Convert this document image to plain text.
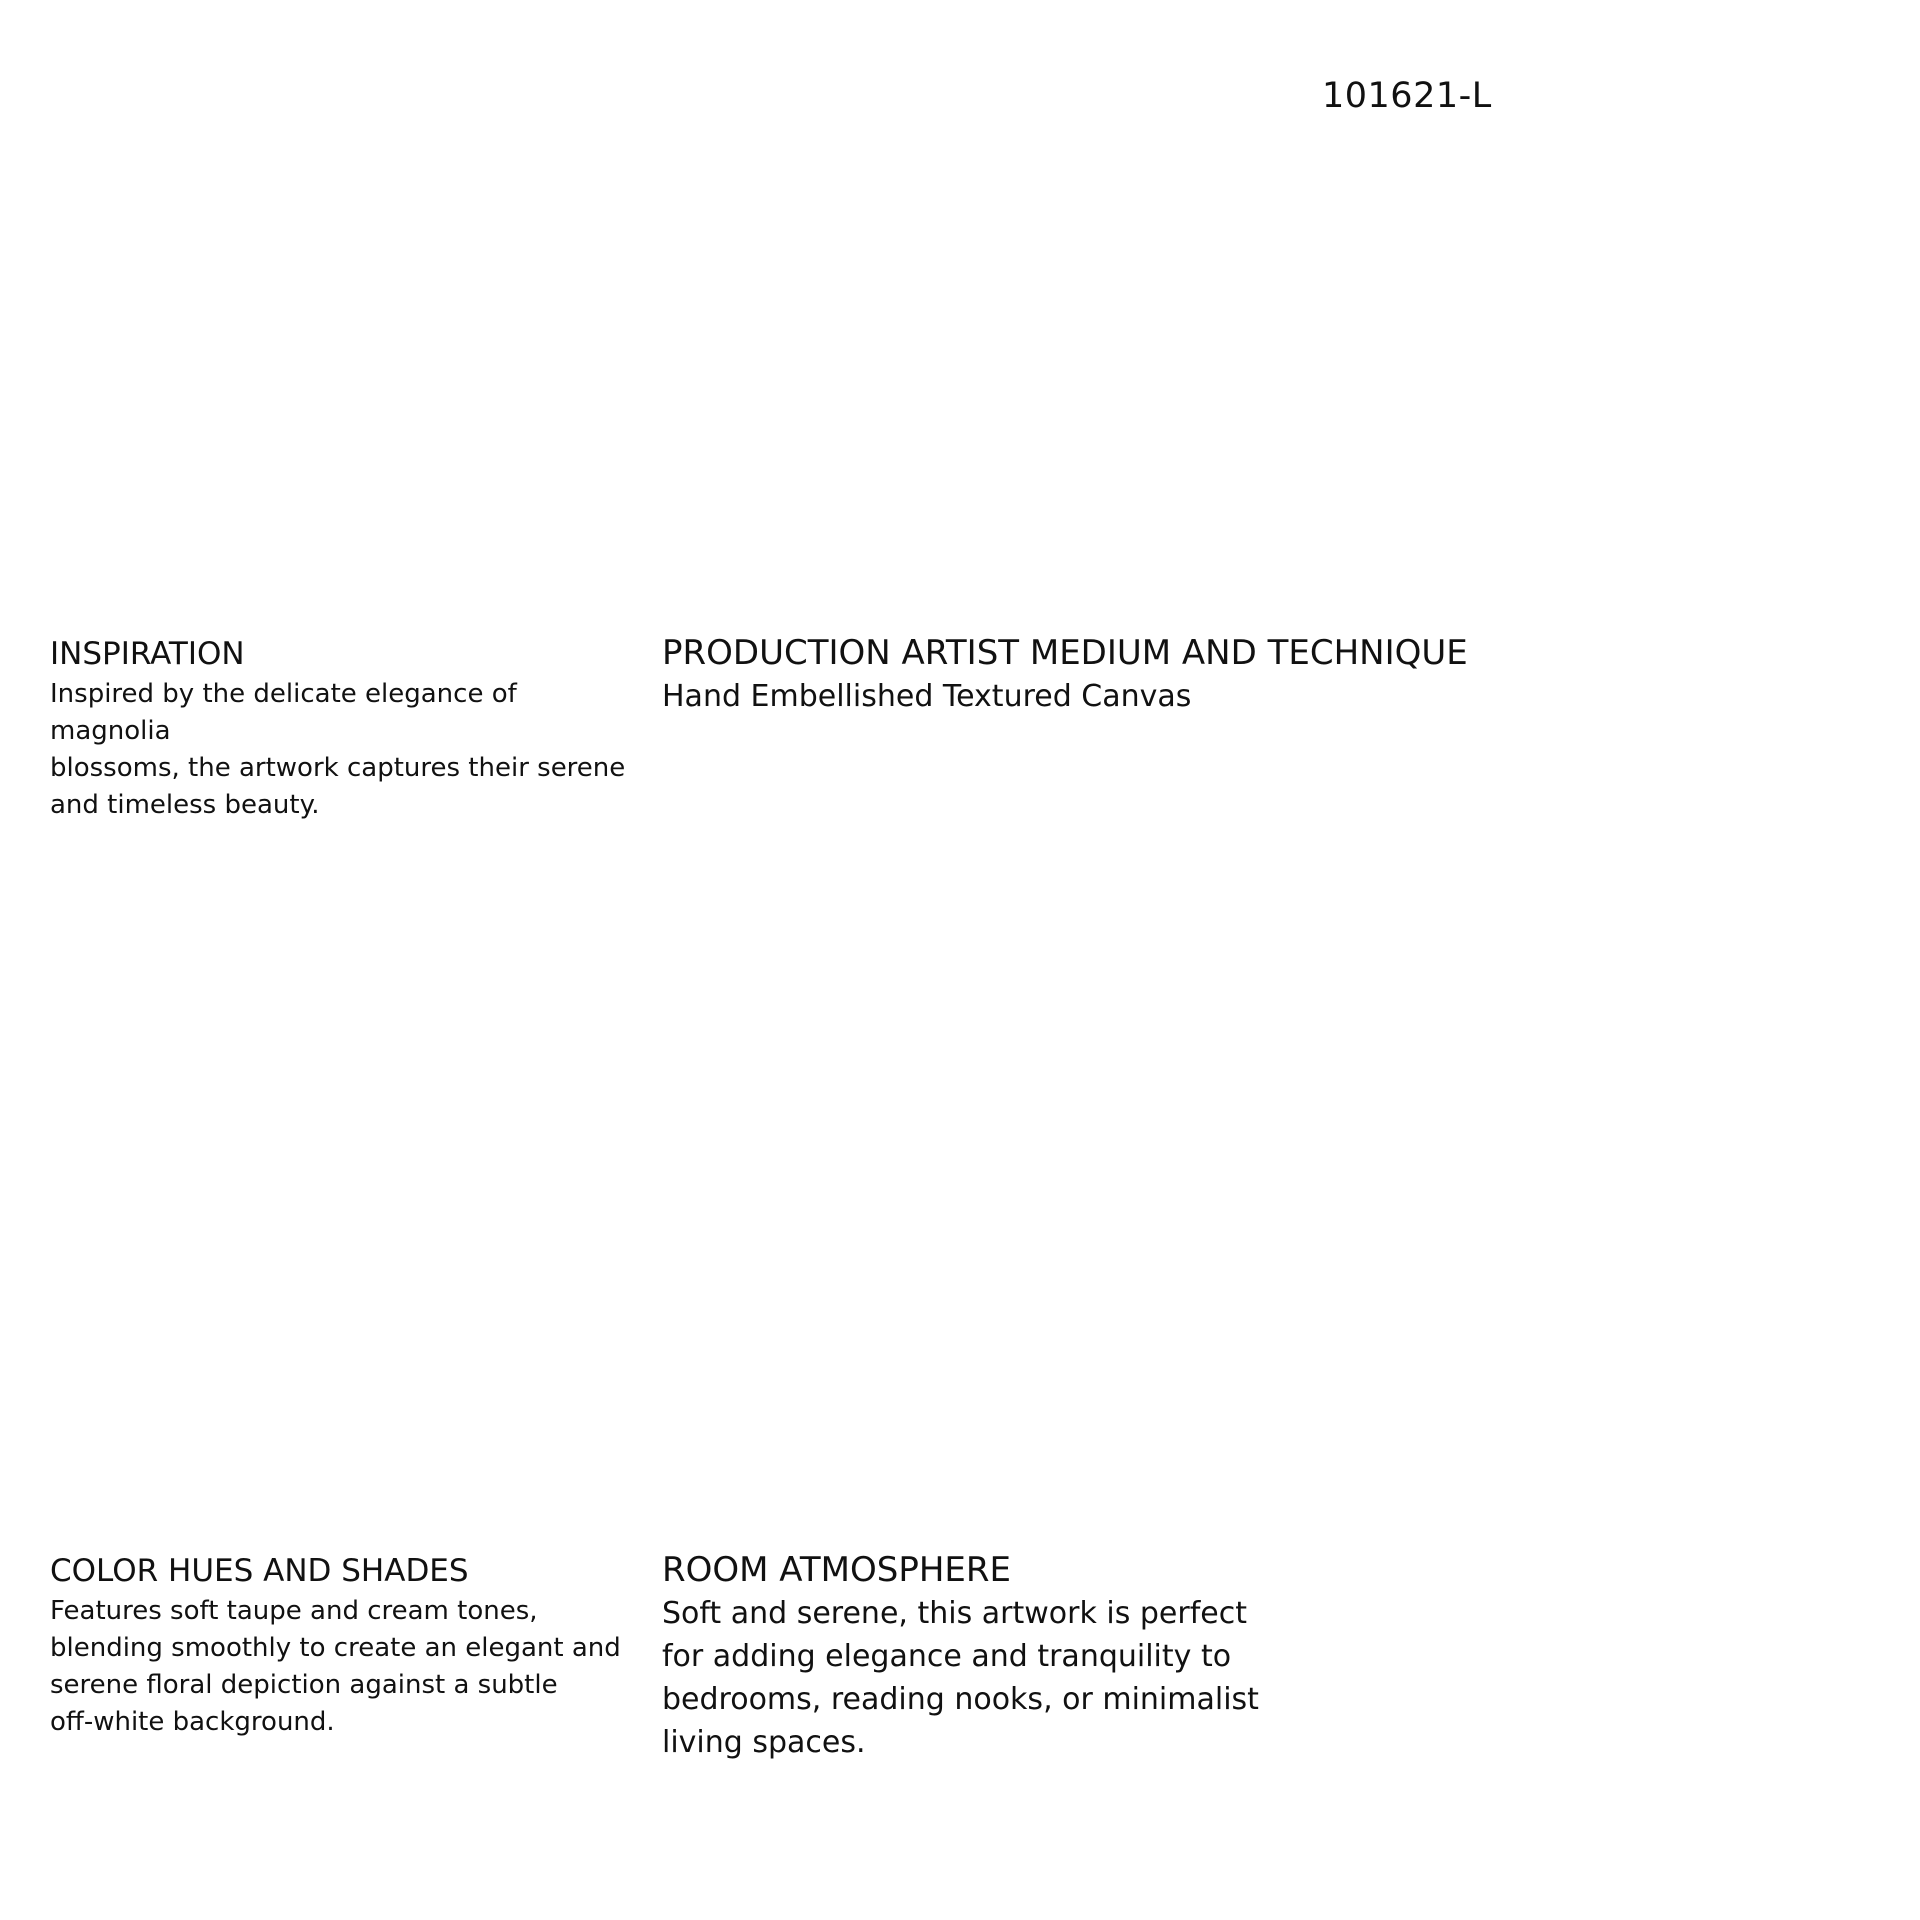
101621-L
INSPIRATION
Inspired by the delicate elegance of magnolia
blossoms, the artwork captures their serene
and timeless beauty.
PRODUCTION ARTIST MEDIUM AND TECHNIQUE
Hand Embellished Textured Canvas
COLOR HUES AND SHADES
Features soft taupe and cream tones,
blending smoothly to create an elegant and
serene floral depiction against a subtle
off-white background.
ROOM ATMOSPHERE
Soft and serene, this artwork is perfect
for adding elegance and tranquility to
bedrooms, reading nooks, or minimalist
living spaces.
